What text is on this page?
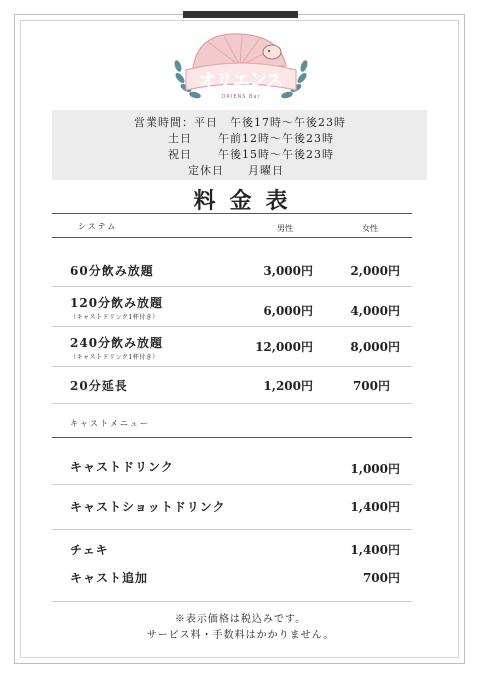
オリエンス
ORIENS Bar
営業時間：平日 午後17時～午後23時
土日 午前12時～午後23時
祝日 午後15時～午後23時
定休日 月曜日
料金表
システム	男性	女性
60分飲み放題	3,000円	2,000円
120分飲み放題
（キャストドリンク1杯付き）	6,000円	4,000円
240分飲み放題
（キャストドリンク1杯付き）
12,000円	8,000円
20分延長	1,200円	700円
キャストメニュー
キャストドリンク	1,000円
キャストショットドリンク	1,400円
チェキ	1,400円
キャスト追加	700円
※表示価格は税込みです。
サービス料・手数料はかかりません。
